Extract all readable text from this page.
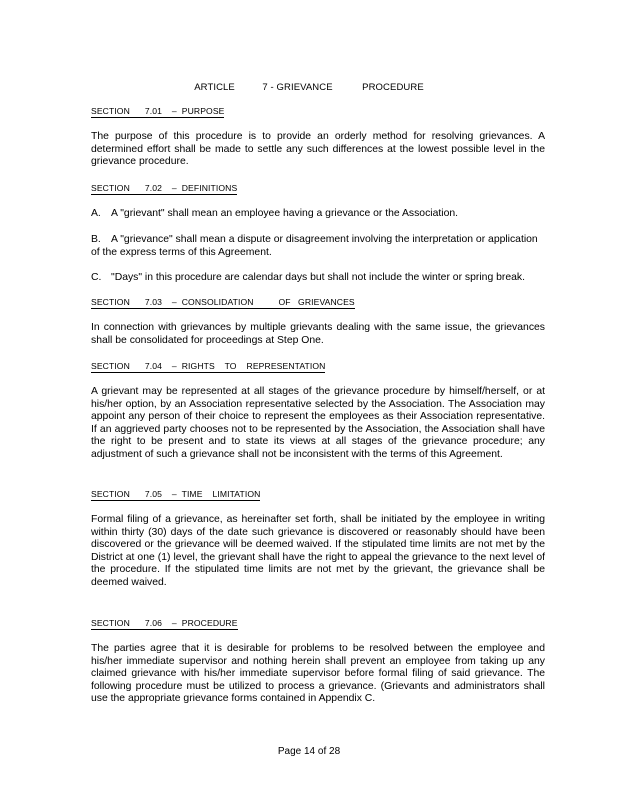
ARTICLE	7 - GRIEVANCE	PROCEDURE
SECTION      7.01    –  PURPOSE
The purpose of this procedure is to provide an orderly method for resolving grievances. A determined effort shall be made to settle any such differences at the lowest possible level in the grievance procedure.
SECTION      7.02    –  DEFINITIONS
A. A "grievant" shall mean an employee having a grievance or the Association.
B. A "grievance" shall mean a dispute or disagreement involving the interpretation or application of the express terms of this Agreement.
C. "Days" in this procedure are calendar days but shall not include the winter or spring break.
SECTION      7.03    –  CONSOLIDATION          OF   GRIEVANCES
In connection with grievances by multiple grievants dealing with the same issue, the grievances shall be consolidated for proceedings at Step One.
SECTION      7.04    –  RIGHTS    TO    REPRESENTATION
A grievant may be represented at all stages of the grievance procedure by himself/herself, or at his/her option, by an Association representative selected by the Association. The Association may appoint any person of their choice to represent the employees as their Association representative. If an aggrieved party chooses not to be represented by the Association, the Association shall have the right to be present and to state its views at all stages of the grievance procedure; any adjustment of such a grievance shall not be inconsistent with the terms of this Agreement.
SECTION      7.05    –  TIME    LIMITATION
Formal filing of a grievance, as hereinafter set forth, shall be initiated by the employee in writing within thirty (30) days of the date such grievance is discovered or reasonably should have been discovered or the grievance will be deemed waived. If the stipulated time limits are not met by the District at one (1) level, the grievant shall have the right to appeal the grievance to the next level of the procedure. If the stipulated time limits are not met by the grievant, the grievance shall be deemed waived.
SECTION      7.06    –  PROCEDURE
The parties agree that it is desirable for problems to be resolved between the employee and his/her immediate supervisor and nothing herein shall prevent an employee from taking up any claimed grievance with his/her immediate supervisor before formal filing of said grievance. The following procedure must be utilized to process a grievance. (Grievants and administrators shall use the appropriate grievance forms contained in Appendix C.
Page 14 of 28
